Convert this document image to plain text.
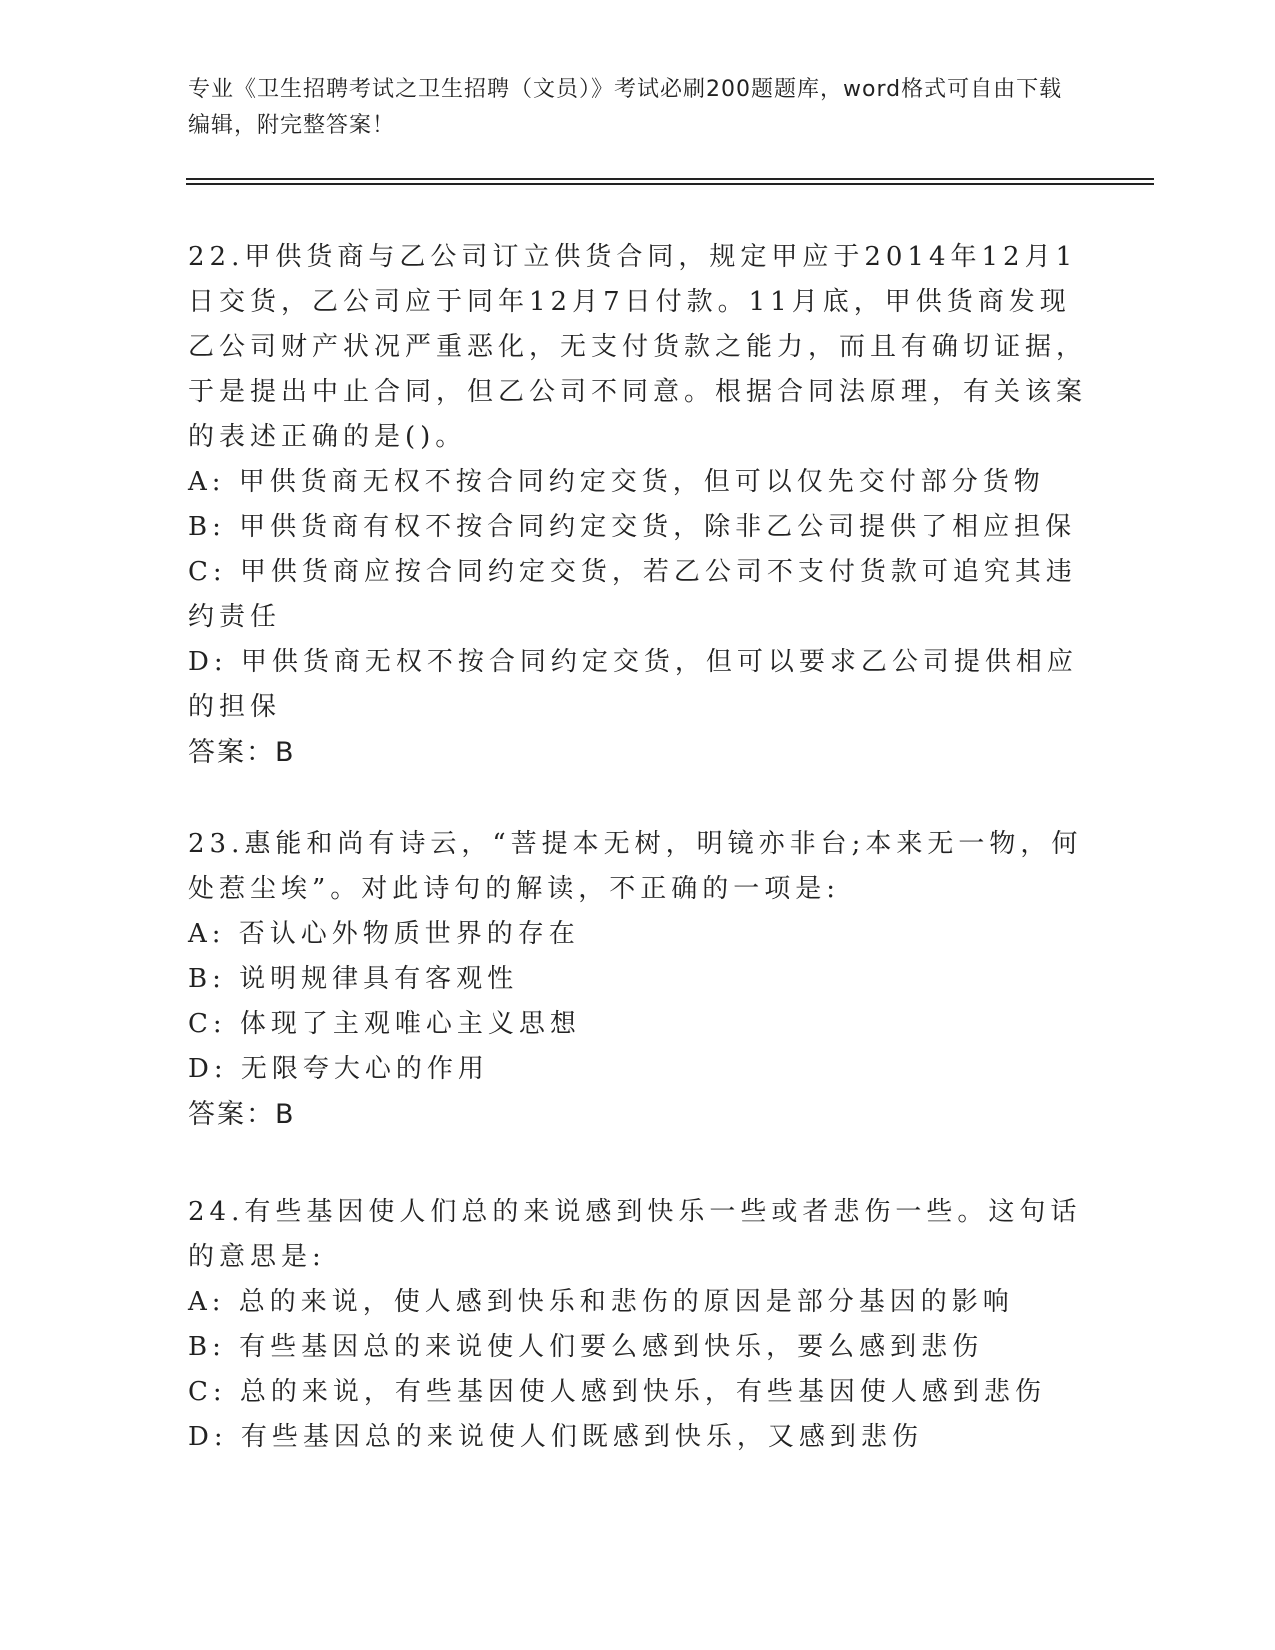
专业《卫生招聘考试之卫生招聘（文员）》考试必刷200题题库，word格式可自由下载编辑，附完整答案！

22.甲供货商与乙公司订立供货合同，规定甲应于2014年12月1日交货，乙公司应于同年12月7日付款。11月底，甲供货商发现乙公司财产状况严重恶化，无支付货款之能力，而且有确切证据，于是提出中止合同，但乙公司不同意。根据合同法原理，有关该案的表述正确的是()。

A: 甲供货商无权不按合同约定交货，但可以仅先交付部分货物

B: 甲供货商有权不按合同约定交货，除非乙公司提供了相应担保

C: 甲供货商应按合同约定交货，若乙公司不支付货款可追究其违约责任

D: 甲供货商无权不按合同约定交货，但可以要求乙公司提供相应的担保

答案：B

23.惠能和尚有诗云，“菩提本无树，明镜亦非台;本来无一物，何处惹尘埃”。对此诗句的解读，不正确的一项是:

A: 否认心外物质世界的存在

B: 说明规律具有客观性

C: 体现了主观唯心主义思想

D: 无限夸大心的作用

答案：B

24.有些基因使人们总的来说感到快乐一些或者悲伤一些。这句话的意思是:

A: 总的来说，使人感到快乐和悲伤的原因是部分基因的影响

B: 有些基因总的来说使人们要么感到快乐，要么感到悲伤

C: 总的来说，有些基因使人感到快乐，有些基因使人感到悲伤

D: 有些基因总的来说使人们既感到快乐，又感到悲伤
